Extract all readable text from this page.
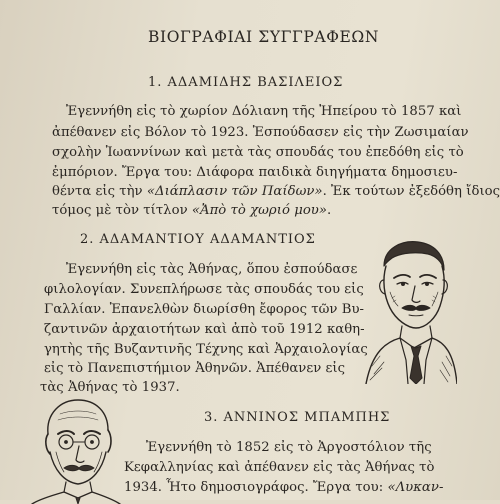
ΒΙΟΓΡΑΦΙΑΙ ΣΥΓΓΡΑΦΕΩΝ
1. ΑΔΑΜΙΔΗΣ ΒΑΣΙΛΕΙΟΣ
Ἐγεννήθη εἰς τὸ χωρίον Δόλιανη τῆς Ἠπείρου τὸ 1857 καὶ
ἀπέθανεν εἰς Βόλον τὸ 1923. Ἐσπούδασεν εἰς τὴν Ζωσιμαίαν
σχολὴν Ἰωαννίνων καὶ μετὰ τὰς σπουδάς του ἐπεδόθη εἰς τὸ
ἐμπόριον. Ἔργα του: Διάφορα παιδικὰ διηγήματα δημοσιευ-
θέντα εἰς τὴν «Διάπλασιν τῶν Παίδων». Ἐκ τούτων ἐξεδόθη ἴδιος
τόμος μὲ τὸν τίτλον «Ἀπὸ τὸ χωριό μου».
2. ΑΔΑΜΑΝΤΙΟΥ ΑΔΑΜΑΝΤΙΟΣ
Ἐγεννήθη εἰς τὰς Ἀθήνας, ὅπου ἐσπούδασε
φιλολογίαν. Συνεπλήρωσε τὰς σπουδάς του εἰς
Γαλλίαν. Ἐπανελθὼν διωρίσθη ἔφορος τῶν Βυ-
ζαντινῶν ἀρχαιοτήτων καὶ ἀπὸ τοῦ 1912 καθη-
γητὴς τῆς Βυζαντινῆς Τέχνης καὶ Ἀρχαιολογίας
εἰς τὸ Πανεπιστήμιον Ἀθηνῶν. Ἀπέθανεν εἰς
τὰς Ἀθήνας τὸ 1937.
3. ΑΝΝΙΝΟΣ ΜΠΑΜΠΗΣ
Ἐγεννήθη τὸ 1852 εἰς τὸ Ἀργοστόλιον τῆς
Κεφαλληνίας καὶ ἀπέθανεν εἰς τὰς Ἀθήνας τὸ
1934. Ἦτο δημοσιογράφος. Ἔργα του: «Λυκαν-
